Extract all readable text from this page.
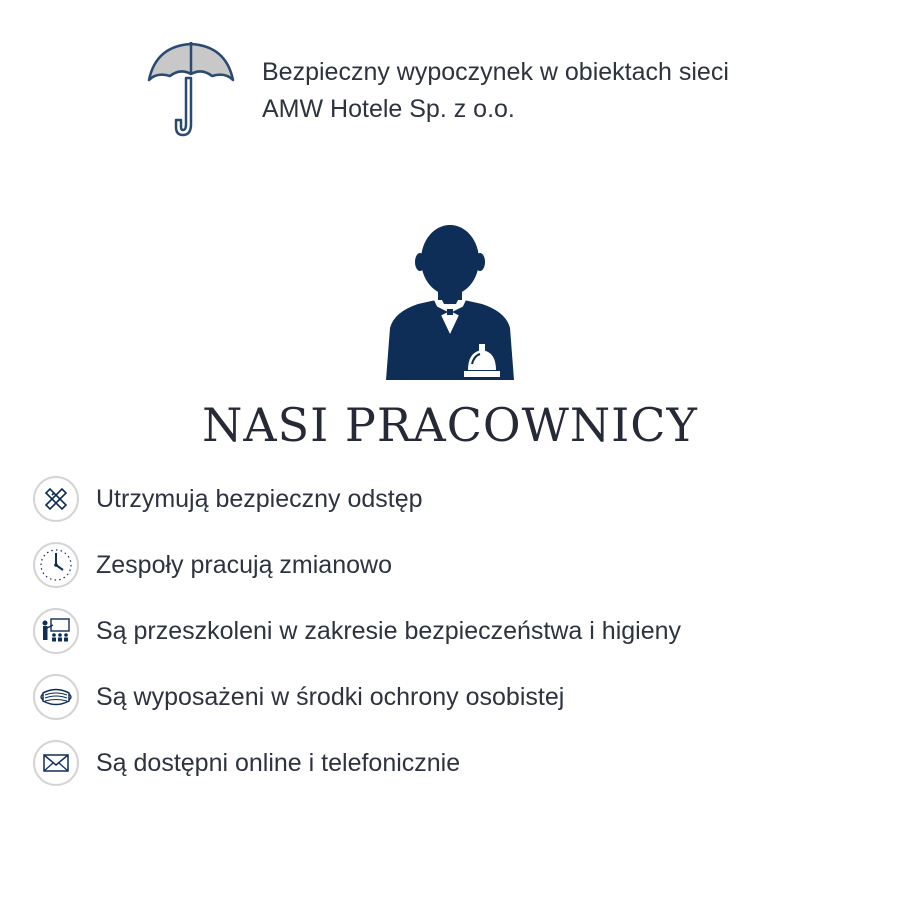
Bezpieczny wypoczynek w obiektach sieci
AMW Hotele Sp. z o.o.
NASI PRACOWNICY
Utrzymują bezpieczny odstęp
Zespoły pracują zmianowo
Są przeszkoleni w zakresie bezpieczeństwa i higieny
Są wyposażeni w środki ochrony osobistej
Są dostępni online i telefonicznie
